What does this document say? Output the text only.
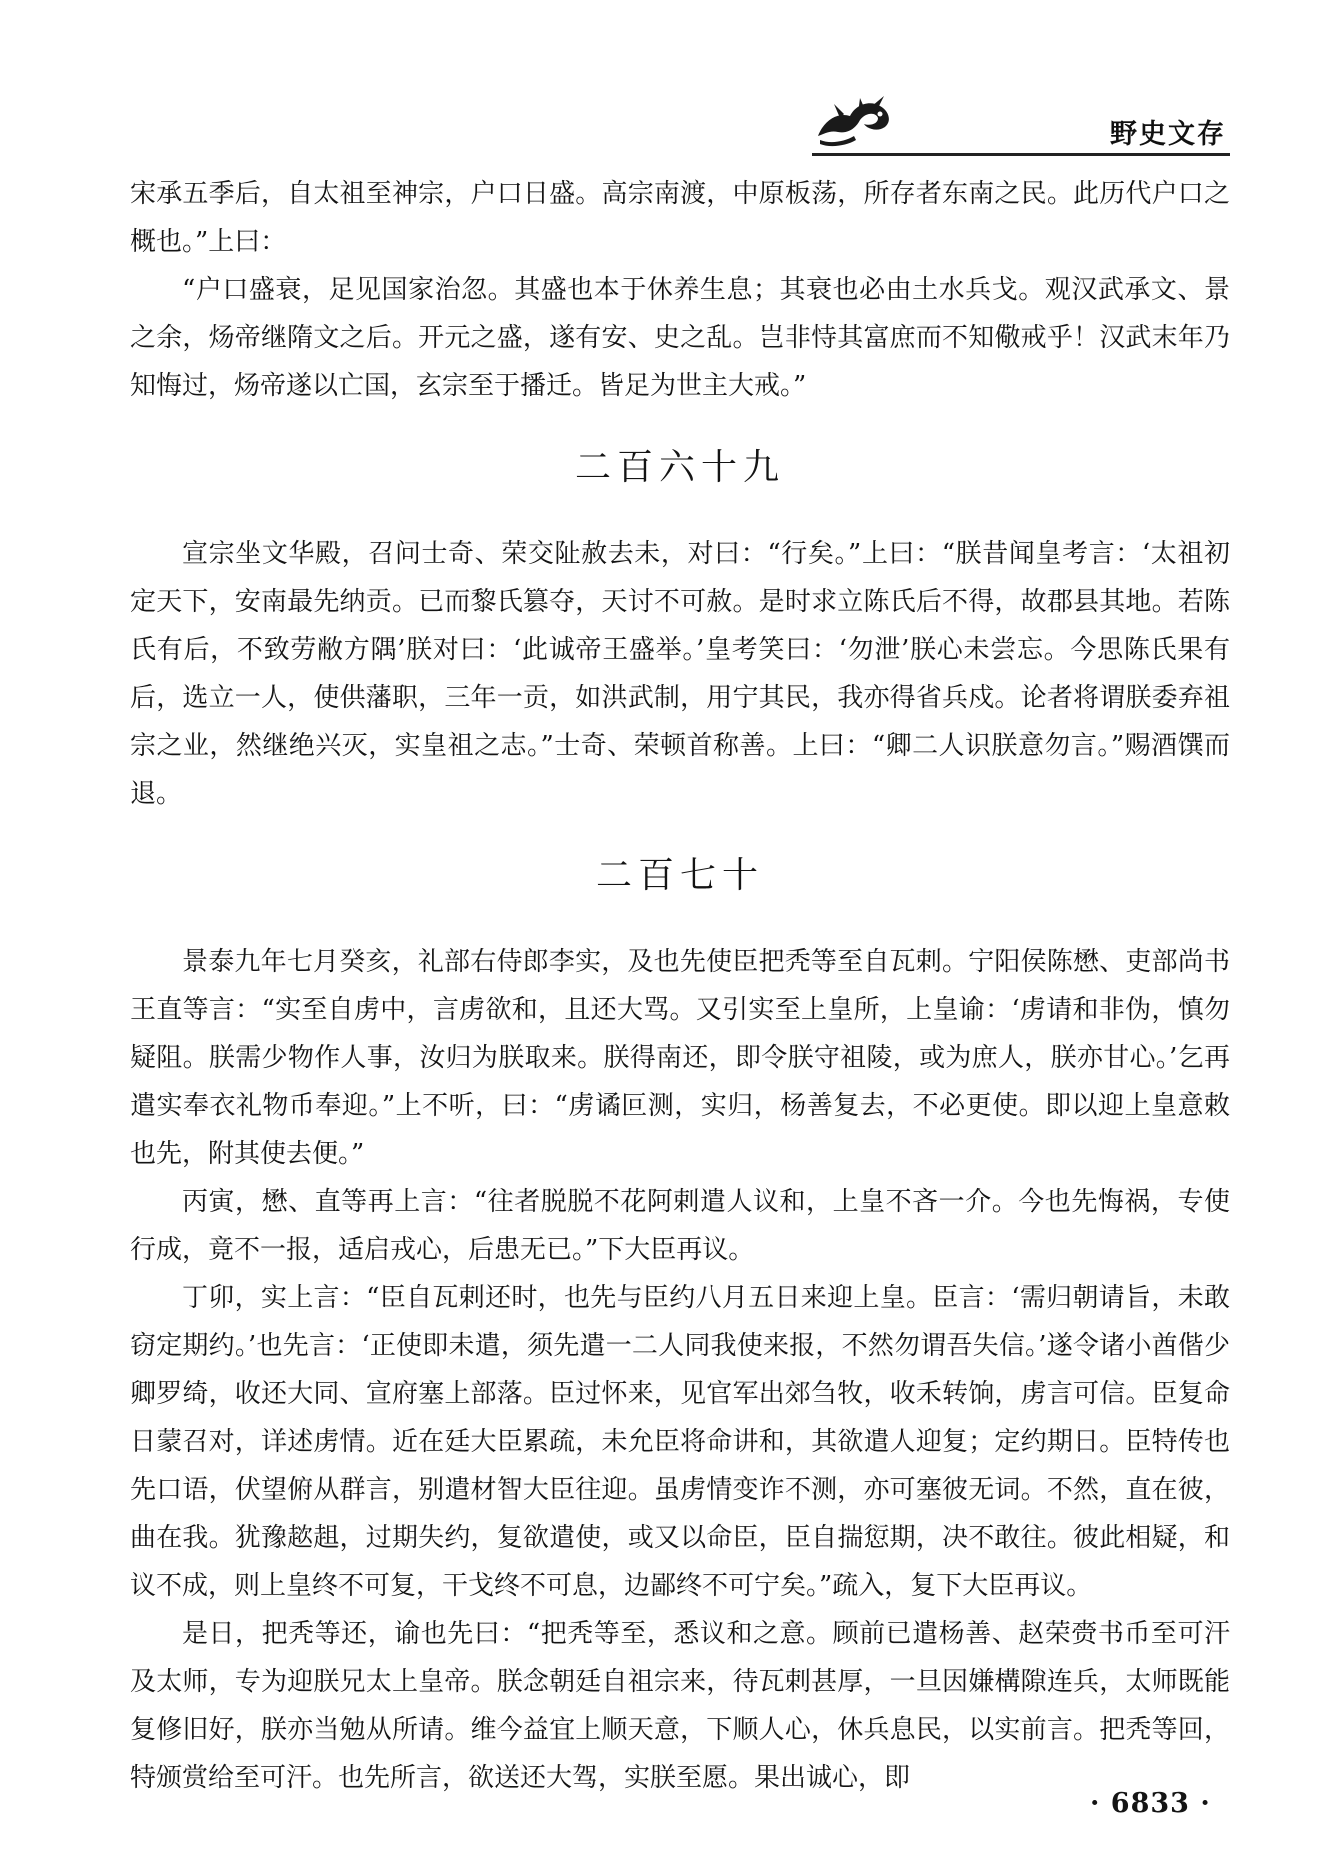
野史文存

宋承五季后，自太祖至神宗，户口日盛。高宗南渡，中原板荡，所存者东南之民。此历代户口之概也。”上曰：

“户口盛衰，足见国家治忽。其盛也本于休养生息；其衰也必由土水兵戈。观汉武承文、景之余，炀帝继隋文之后。开元之盛，遂有安、史之乱。岂非恃其富庶而不知儆戒乎！汉武末年乃知悔过，炀帝遂以亡国，玄宗至于播迁。皆足为世主大戒。”

二百六十九

宣宗坐文华殿，召问士奇、荣交阯赦去未，对曰：“行矣。”上曰：“朕昔闻皇考言：‘太祖初定天下，安南最先纳贡。已而黎氏篡夺，天讨不可赦。是时求立陈氏后不得，故郡县其地。若陈氏有后，不致劳敝方隅’朕对曰：‘此诚帝王盛举。’皇考笑曰：‘勿泄’朕心未尝忘。今思陈氏果有后，选立一人，使供藩职，三年一贡，如洪武制，用宁其民，我亦得省兵戍。论者将谓朕委弃祖宗之业，然继绝兴灭，实皇祖之志。”士奇、荣顿首称善。上曰：“卿二人识朕意勿言。”赐酒馔而退。

二百七十

景泰九年七月癸亥，礼部右侍郎李实，及也先使臣把秃等至自瓦剌。宁阳侯陈懋、吏部尚书王直等言：“实至自虏中，言虏欲和，且还大骂。又引实至上皇所，上皇谕：‘虏请和非伪，慎勿疑阻。朕需少物作人事，汝归为朕取来。朕得南还，即令朕守祖陵，或为庶人，朕亦甘心。’乞再遣实奉衣礼物币奉迎。”上不听，曰：“虏谲叵测，实归，杨善复去，不必更使。即以迎上皇意敕也先，附其使去便。”

丙寅，懋、直等再上言：“往者脱脱不花阿剌遣人议和，上皇不吝一介。今也先悔祸，专使行成，竟不一报，适启戎心，后患无已。”下大臣再议。

丁卯，实上言：“臣自瓦剌还时，也先与臣约八月五日来迎上皇。臣言：‘需归朝请旨，未敢窃定期约。’也先言：‘正使即未遣，须先遣一二人同我使来报，不然勿谓吾失信。’遂令诸小酋偕少卿罗绮，收还大同、宣府塞上部落。臣过怀来，见官军出郊刍牧，收禾转饷，虏言可信。臣复命日蒙召对，详述虏情。近在廷大臣累疏，未允臣将命讲和，其欲遣人迎复；定约期日。臣特传也先口语，伏望俯从群言，别遣材智大臣往迎。虽虏情变诈不测，亦可塞彼无词。不然，直在彼，曲在我。犹豫趑趄，过期失约，复欲遣使，或又以命臣，臣自揣愆期，决不敢往。彼此相疑，和议不成，则上皇终不可复，干戈终不可息，边鄙终不可宁矣。”疏入，复下大臣再议。

是日，把秃等还，谕也先曰：“把秃等至，悉议和之意。顾前已遣杨善、赵荣赍书币至可汗及太师，专为迎朕兄太上皇帝。朕念朝廷自祖宗来，待瓦剌甚厚，一旦因嫌構隙连兵，太师既能复修旧好，朕亦当勉从所请。维今益宜上顺天意，下顺人心，休兵息民，以实前言。把秃等回，特颁赏给至可汗。也先所言，欲送还大驾，实朕至愿。果出诚心，即

· 6833 ·
